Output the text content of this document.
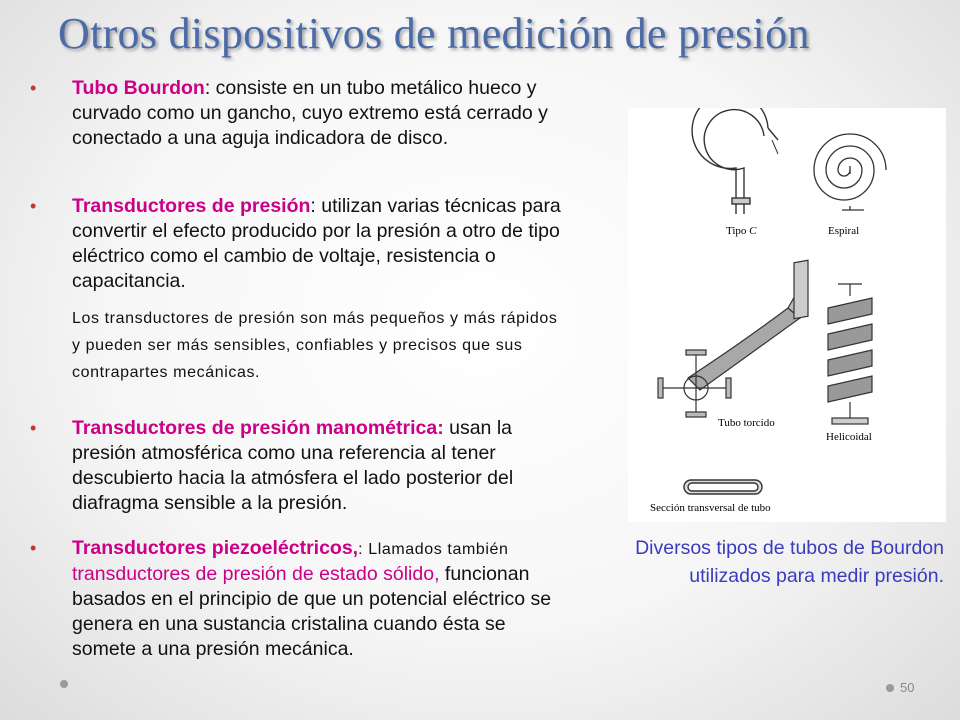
Otros dispositivos de medición de presión
• Tubo Bourdon: consiste en un tubo metálico hueco y curvado como un gancho, cuyo extremo está cerrado y conectado a una aguja indicadora de disco.
• Transductores de presión: utilizan varias técnicas para convertir el efecto producido por la presión a otro de tipo eléctrico como el cambio de voltaje, resistencia o capacitancia.
Los transductores de presión son más pequeños y más rápidos y pueden ser más sensibles, confiables y precisos que sus contrapartes mecánicas.
• Transductores de presión manométrica: usan la presión atmosférica como una referencia al tener descubierto hacia la atmósfera el lado posterior del diafragma sensible a la presión.
• Transductores piezoeléctricos,: Llamados también transductores de presión de estado sólido, funcionan basados en el principio de que un potencial eléctrico se genera en una sustancia cristalina cuando ésta se somete a una presión mecánica.
Tipo C	Espiral
Tubo torcido
Helicoidal
Sección transversal de tubo
Diversos tipos de tubos de Bourdon utilizados para medir presión.
50
